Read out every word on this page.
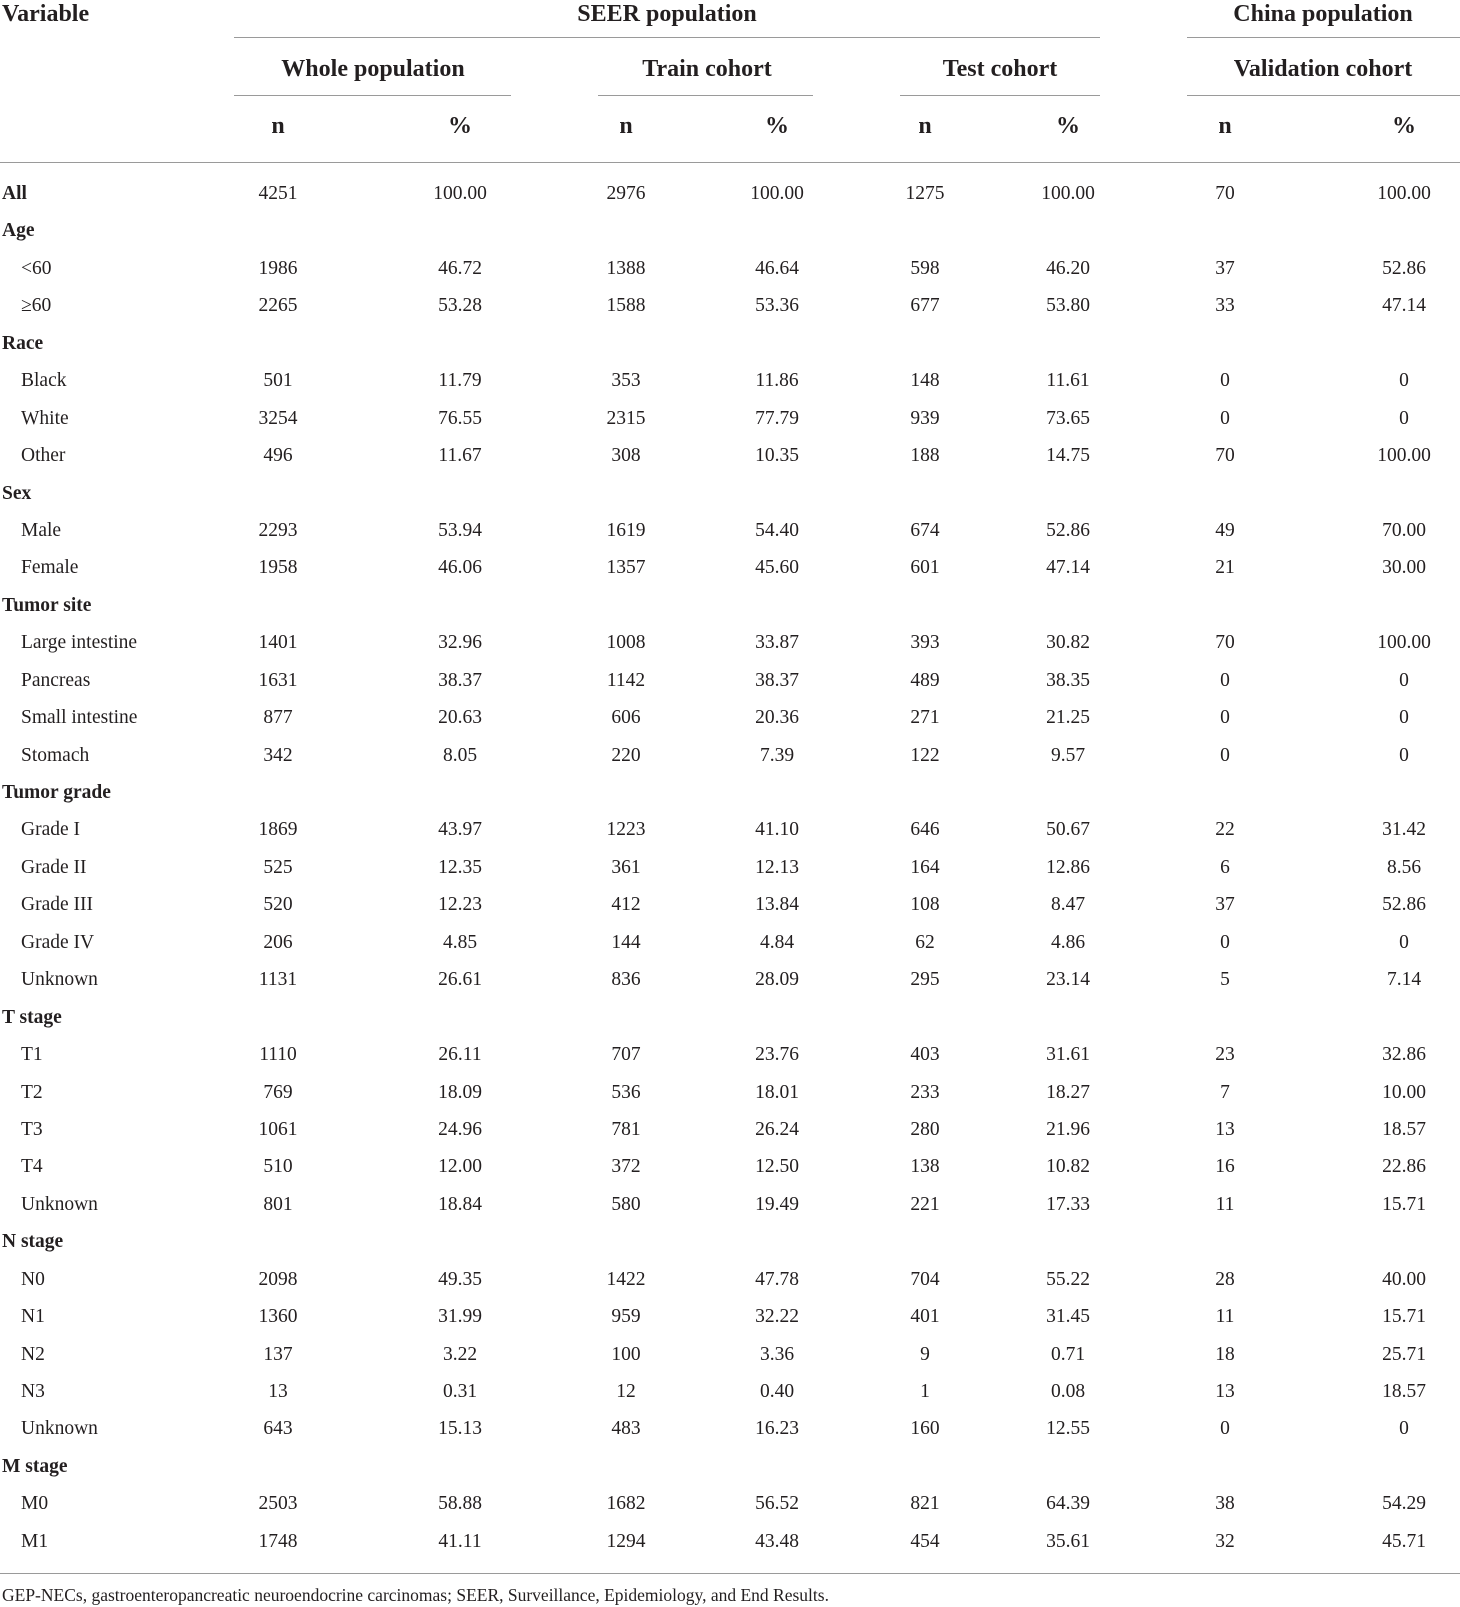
Variable	SEER population	China population
Whole population	Train cohort	Test cohort	Validation cohort
n	%	n	%	n	%	n	%
All	4251	100.00	2976	100.00	1275	100.00	70	100.00
Age
<60	1986	46.72	1388	46.64	598	46.20	37	52.86
≥60	2265	53.28	1588	53.36	677	53.80	33	47.14
Race
Black	501	11.79	353	11.86	148	11.61	0	0
White	3254	76.55	2315	77.79	939	73.65	0	0
Other	496	11.67	308	10.35	188	14.75	70	100.00
Sex
Male	2293	53.94	1619	54.40	674	52.86	49	70.00
Female	1958	46.06	1357	45.60	601	47.14	21	30.00
Tumor site
Large intestine	1401	32.96	1008	33.87	393	30.82	70	100.00
Pancreas	1631	38.37	1142	38.37	489	38.35	0	0
Small intestine	877	20.63	606	20.36	271	21.25	0	0
Stomach	342	8.05	220	7.39	122	9.57	0	0
Tumor grade
Grade I	1869	43.97	1223	41.10	646	50.67	22	31.42
Grade II	525	12.35	361	12.13	164	12.86	6	8.56
Grade III	520	12.23	412	13.84	108	8.47	37	52.86
Grade IV	206	4.85	144	4.84	62	4.86	0	0
Unknown	1131	26.61	836	28.09	295	23.14	5	7.14
T stage
T1	1110	26.11	707	23.76	403	31.61	23	32.86
T2	769	18.09	536	18.01	233	18.27	7	10.00
T3	1061	24.96	781	26.24	280	21.96	13	18.57
T4	510	12.00	372	12.50	138	10.82	16	22.86
Unknown	801	18.84	580	19.49	221	17.33	11	15.71
N stage
N0	2098	49.35	1422	47.78	704	55.22	28	40.00
N1	1360	31.99	959	32.22	401	31.45	11	15.71
N2	137	3.22	100	3.36	9	0.71	18	25.71
N3	13	0.31	12	0.40	1	0.08	13	18.57
Unknown	643	15.13	483	16.23	160	12.55	0	0
M stage
M0	2503	58.88	1682	56.52	821	64.39	38	54.29
M1	1748	41.11	1294	43.48	454	35.61	32	45.71
GEP-NECs, gastroenteropancreatic neuroendocrine carcinomas; SEER, Surveillance, Epidemiology, and End Results.
